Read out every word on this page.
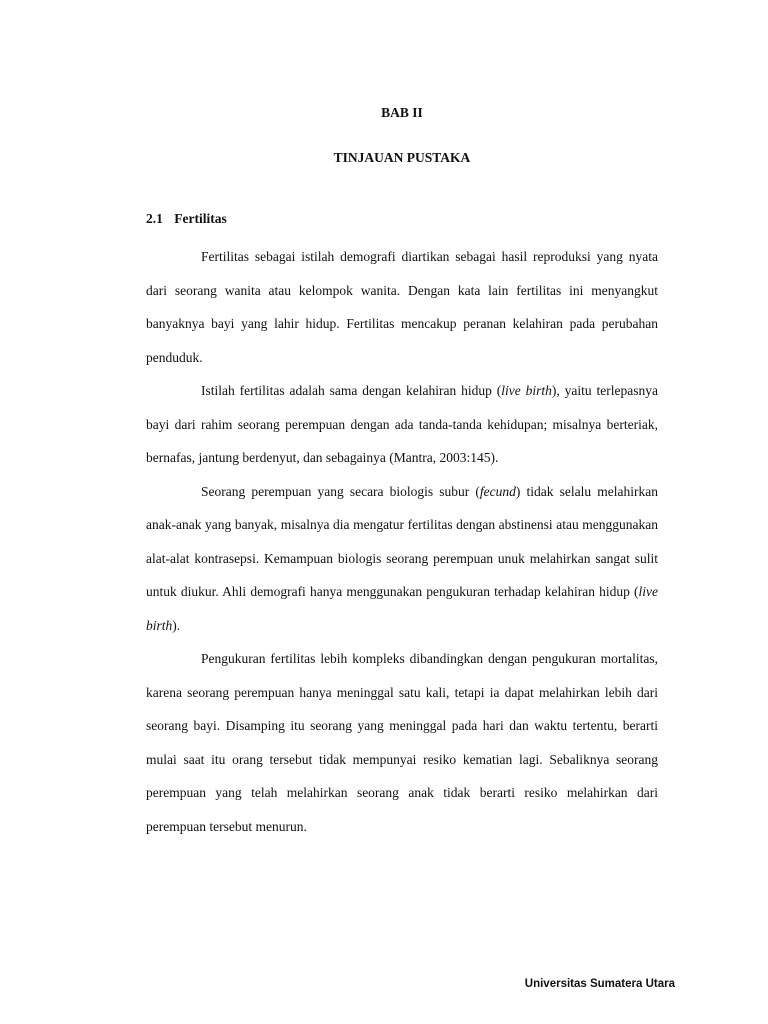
BAB II
TINJAUAN PUSTAKA
2.1 Fertilitas

Fertilitas sebagai istilah demografi diartikan sebagai hasil reproduksi yang nyata dari seorang wanita atau kelompok wanita. Dengan kata lain fertilitas ini menyangkut banyaknya bayi yang lahir hidup. Fertilitas mencakup peranan kelahiran pada perubahan penduduk.

Istilah fertilitas adalah sama dengan kelahiran hidup (live birth), yaitu terlepasnya bayi dari rahim seorang perempuan dengan ada tanda-tanda kehidupan; misalnya berteriak, bernafas, jantung berdenyut, dan sebagainya (Mantra, 2003:145).

Seorang perempuan yang secara biologis subur (fecund) tidak selalu melahirkan anak-anak yang banyak, misalnya dia mengatur fertilitas dengan abstinensi atau menggunakan alat-alat kontrasepsi. Kemampuan biologis seorang perempuan unuk melahirkan sangat sulit untuk diukur. Ahli demografi hanya menggunakan pengukuran terhadap kelahiran hidup (live birth).

Pengukuran fertilitas lebih kompleks dibandingkan dengan pengukuran mortalitas, karena seorang perempuan hanya meninggal satu kali, tetapi ia dapat melahirkan lebih dari seorang bayi. Disamping itu seorang yang meninggal pada hari dan waktu tertentu, berarti mulai saat itu orang tersebut tidak mempunyai resiko kematian lagi. Sebaliknya seorang perempuan yang telah melahirkan seorang anak tidak berarti resiko melahirkan dari perempuan tersebut menurun.

Universitas Sumatera Utara
